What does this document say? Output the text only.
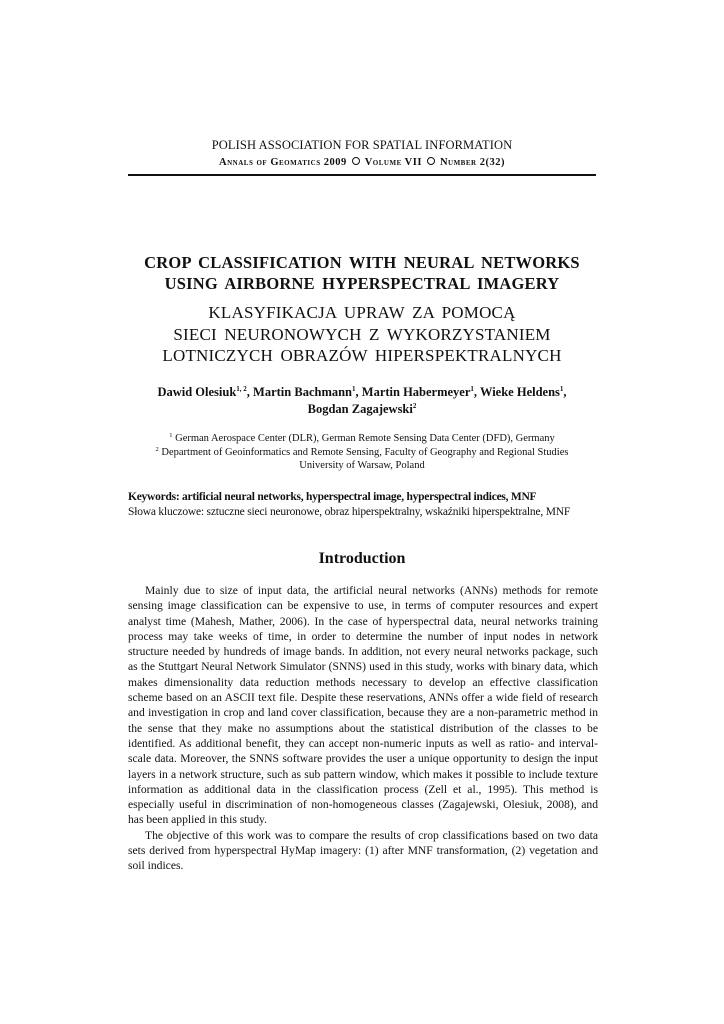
POLISH ASSOCIATION FOR SPATIAL INFORMATION
Annals of Geomatics 2009 Volume VII Number 2(32)
CROP CLASSIFICATION WITH NEURAL NETWORKS
USING AIRBORNE HYPERSPECTRAL IMAGERY
KLASYFIKACJA UPRAW ZA POMOCĄ
SIECI NEURONOWYCH Z WYKORZYSTANIEM
LOTNICZYCH OBRAZÓW HIPERSPEKTRALNYCH
Dawid Olesiuk$^{1, 2}$, Martin Bachmann$^1$, Martin Habermeyer$^1$, Wieke Heldens$^1$,
Bogdan Zagajewski$^2$
$^1$ German Aerospace Center (DLR), German Remote Sensing Data Center (DFD), Germany
$^2$ Department of Geoinformatics and Remote Sensing, Faculty of Geography and Regional Studies
University of Warsaw, Poland
Keywords: artificial neural networks, hyperspectral image, hyperspectral indices, MNF
Słowa kluczowe: sztuczne sieci neuronowe, obraz hiperspektralny, wskaźniki hiperspektralne, MNF
Introduction

Mainly due to size of input data, the artificial neural networks (ANNs) methods for remote sensing image classification can be expensive to use, in terms of computer resources and expert analyst time (Mahesh, Mather, 2006). In the case of hyperspectral data, neural networks training process may take weeks of time, in order to determine the number of input nodes in network structure needed by hundreds of image bands. In addition, not every neural networks package, such as the Stuttgart Neural Network Simulator (SNNS) used in this study, works with binary data, which makes dimensionality data reduction methods necessary to develop an effective classification scheme based on an ASCII text file. Despite these reservations, ANNs offer a wide field of research and investigation in crop and land cover classification, because they are a non-parametric method in the sense that they make no assumptions about the statistical distribution of the classes to be identified. As additional benefit, they can accept non-numeric inputs as well as ratio- and interval-scale data. Moreover, the SNNS software provides the user a unique opportunity to design the input layers in a network structure, such as sub pattern window, which makes it possible to include texture information as additional data in the classification process (Zell et al., 1995). This method is especially useful in discrimination of non-homogeneous classes (Zagajewski, Olesiuk, 2008), and has been applied in this study.

The objective of this work was to compare the results of crop classifications based on two data sets derived from hyperspectral HyMap imagery: (1) after MNF transformation, (2) vegetation and soil indices.
